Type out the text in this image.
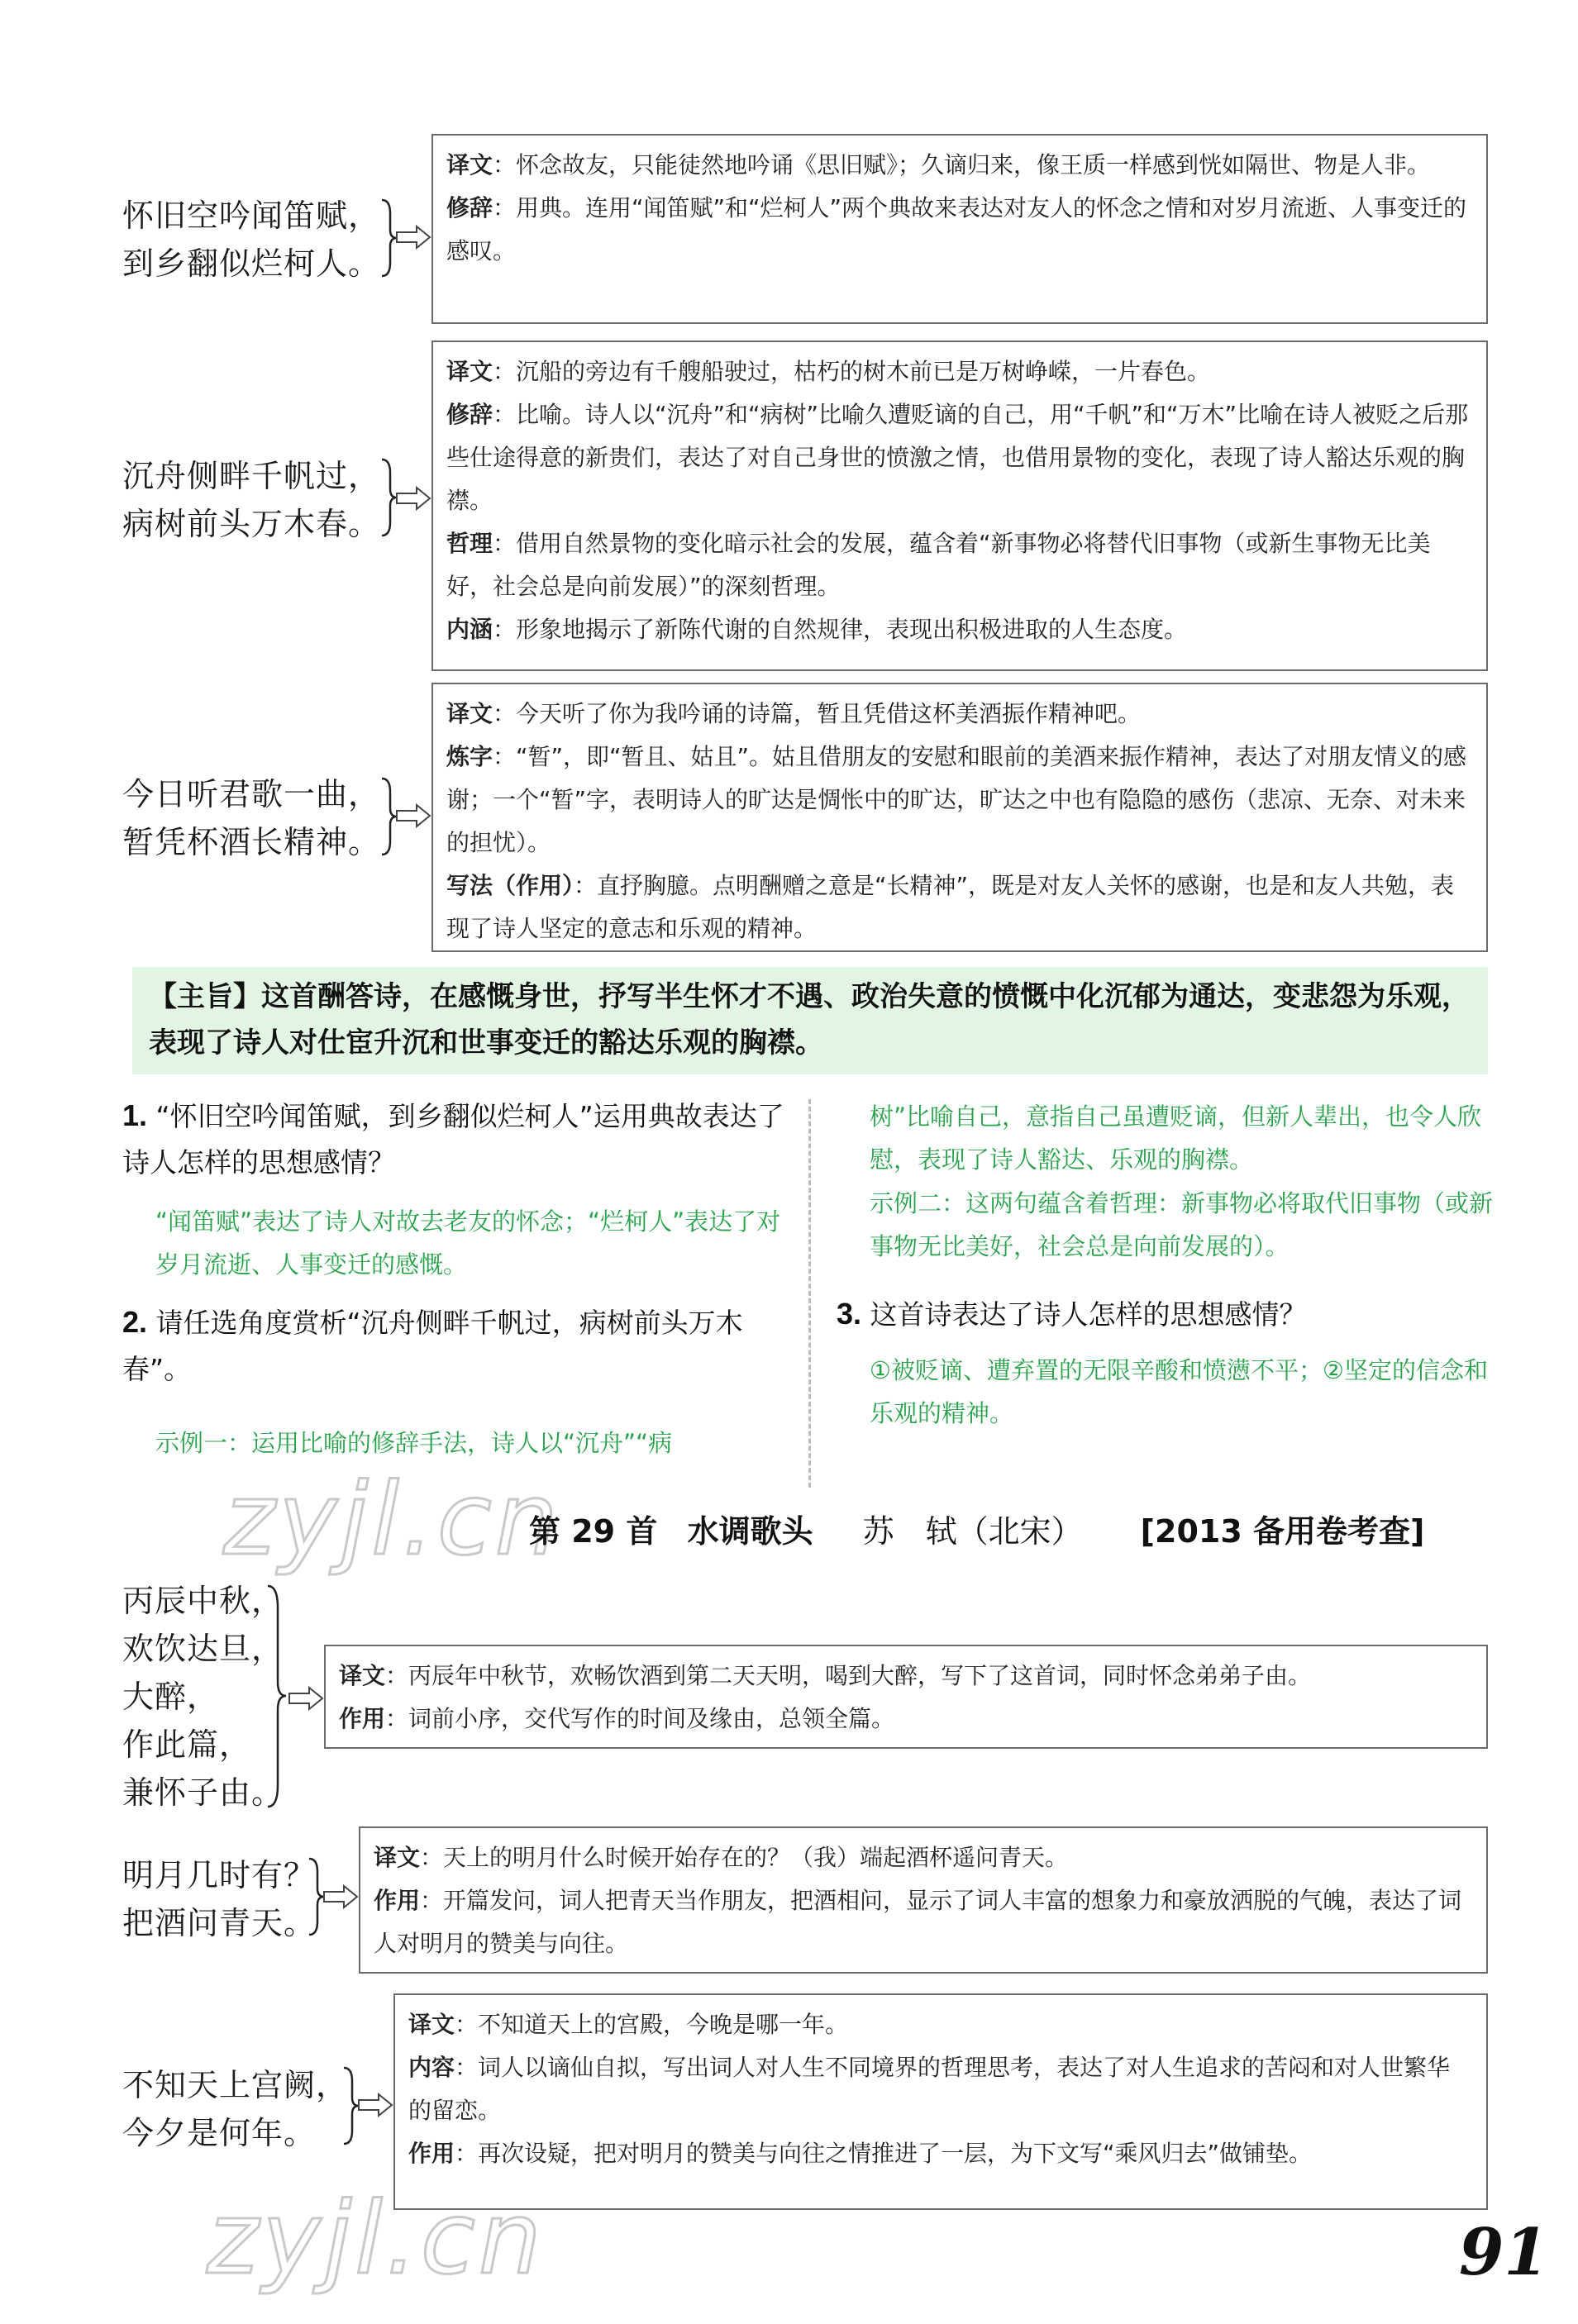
怀旧空吟闻笛赋，
到乡翻似烂柯人。
译文：怀念故友，只能徒然地吟诵《思旧赋》；久谪归来，像王质一样感到恍如隔世、物是人非。
修辞：用典。连用“闻笛赋”和“烂柯人”两个典故来表达对友人的怀念之情和对岁月流逝、人事变迁的感叹。
沉舟侧畔千帆过，
病树前头万木春。
译文：沉船的旁边有千艘船驶过，枯朽的树木前已是万树峥嵘，一片春色。
修辞：比喻。诗人以“沉舟”和“病树”比喻久遭贬谪的自己，用“千帆”和“万木”比喻在诗人被贬之后那些仕途得意的新贵们，表达了对自己身世的愤激之情，也借用景物的变化，表现了诗人豁达乐观的胸襟。
哲理：借用自然景物的变化暗示社会的发展，蕴含着“新事物必将替代旧事物（或新生事物无比美好，社会总是向前发展）”的深刻哲理。
内涵：形象地揭示了新陈代谢的自然规律，表现出积极进取的人生态度。
今日听君歌一曲，
暂凭杯酒长精神。
译文：今天听了你为我吟诵的诗篇，暂且凭借这杯美酒振作精神吧。
炼字：“暂”，即“暂且、姑且”。姑且借朋友的安慰和眼前的美酒来振作精神，表达了对朋友情义的感谢；一个“暂”字，表明诗人的旷达是惆怅中的旷达，旷达之中也有隐隐的感伤（悲凉、无奈、对未来的担忧）。
写法（作用）：直抒胸臆。点明酬赠之意是“长精神”，既是对友人关怀的感谢，也是和友人共勉，表现了诗人坚定的意志和乐观的精神。
【主旨】这首酬答诗，在感慨身世，抒写半生怀才不遇、政治失意的愤慨中化沉郁为通达，变悲怨为乐观，表现了诗人对仕宦升沉和世事变迁的豁达乐观的胸襟。
1. “怀旧空吟闻笛赋，到乡翻似烂柯人”运用典故表达了诗人怎样的思想感情？
“闻笛赋”表达了诗人对故去老友的怀念；“烂柯人”表达了对岁月流逝、人事变迁的感慨。
2. 请任选角度赏析“沉舟侧畔千帆过，病树前头万木春”。
示例一：运用比喻的修辞手法，诗人以“沉舟”“病
树”比喻自己，意指自己虽遭贬谪，但新人辈出，也令人欣慰，表现了诗人豁达、乐观的胸襟。
示例二：这两句蕴含着哲理：新事物必将取代旧事物（或新事物无比美好，社会总是向前发展的）。
3. 这首诗表达了诗人怎样的思想感情？
①被贬谪、遭弃置的无限辛酸和愤懑不平；②坚定的信念和乐观的精神。
zyjl.cn
第 29 首 水调歌头 苏　轼（北宋） [2013 备用卷考查]
丙辰中秋，
欢饮达旦，
大醉，
作此篇，
兼怀子由。
译文：丙辰年中秋节，欢畅饮酒到第二天天明，喝到大醉，写下了这首词，同时怀念弟弟子由。
作用：词前小序，交代写作的时间及缘由，总领全篇。
明月几时有？
把酒问青天。
译文：天上的明月什么时候开始存在的？（我）端起酒杯遥问青天。
作用：开篇发问，词人把青天当作朋友，把酒相问，显示了词人丰富的想象力和豪放洒脱的气魄，表达了词人对明月的赞美与向往。
不知天上宫阙，
今夕是何年。
译文：不知道天上的宫殿，今晚是哪一年。
内容：词人以谪仙自拟，写出词人对人生不同境界的哲理思考，表达了对人生追求的苦闷和对人世繁华的留恋。
作用：再次设疑，把对明月的赞美与向往之情推进了一层，为下文写“乘风归去”做铺垫。
zyjl.cn	91
